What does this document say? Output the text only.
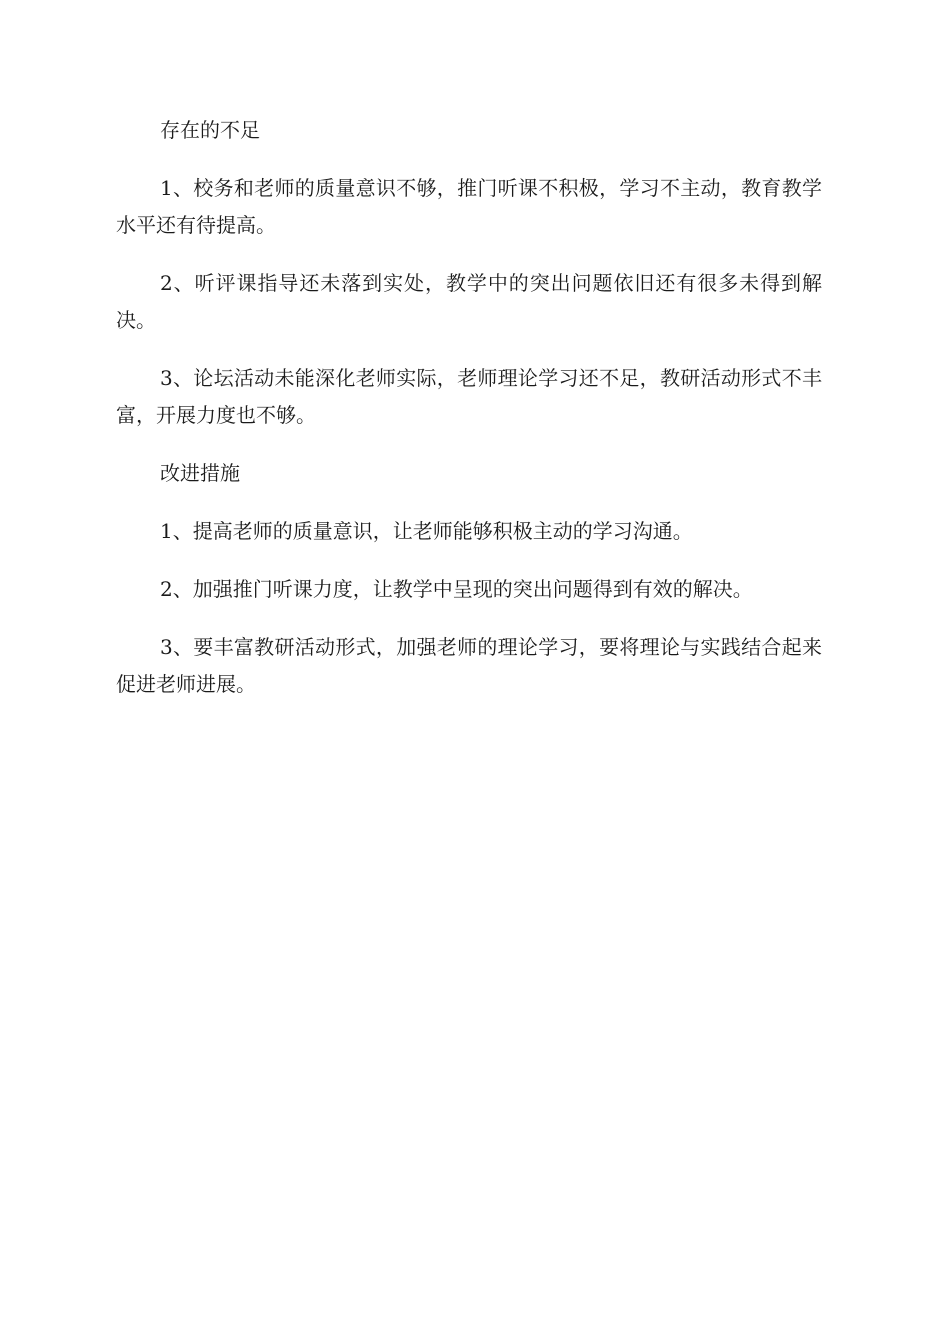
存在的不足

1、校务和老师的质量意识不够，推门听课不积极，学习不主动，教育教学水平还有待提高。

2、听评课指导还未落到实处，教学中的突出问题依旧还有很多未得到解决。

3、论坛活动未能深化老师实际，老师理论学习还不足，教研活动形式不丰富，开展力度也不够。

改进措施

1、提高老师的质量意识，让老师能够积极主动的学习沟通。

2、加强推门听课力度，让教学中呈现的突出问题得到有效的解决。

3、要丰富教研活动形式，加强老师的理论学习，要将理论与实践结合起来促进老师进展。
